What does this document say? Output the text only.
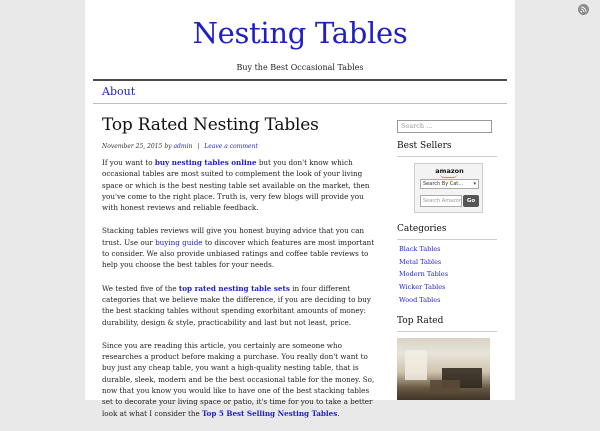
Nesting Tables
Buy the Best Occasional Tables
About
Top Rated Nesting Tables
November 25, 2015 by admin | Leave a comment

If you want to buy nesting tables online but you don't know which occasional tables are most suited to complement the look of your living space or which is the best nesting table set available on the market, then you've come to the right place. Truth is, very few blogs will provide you with honest reviews and reliable feedback.

Stacking tables reviews will give you honest buying advice that you can trust. Use our buying guide to discover which features are most important to consider. We also provide unbiased ratings and coffee table reviews to help you choose the best tables for your needs.

We tested five of the top rated nesting table sets in four different categories that we believe make the difference, if you are deciding to buy the best stacking tables without spending exorbitant amounts of money: durability, design & style, practicability and last but not least, price.

Since you are reading this article, you certainly are someone who researches a product before making a purchase. You really don't want to buy just any cheap table, you want a high-quality nesting table, that is durable, sleek, modern and be the best occasional table for the money. So, now that you know you would like to have one of the best stacking tables set to decorate your living space or patio, it's time for you to take a better look at what I consider the Top 5 Best Selling Nesting Tables.

Search ...
Best Sellers
amazon
Search By Cat... ▾
Search Amazon Go
Categories
Black Tables
Metal Tables
Modern Tables
Wicker Tables
Wood Tables
Top Rated
